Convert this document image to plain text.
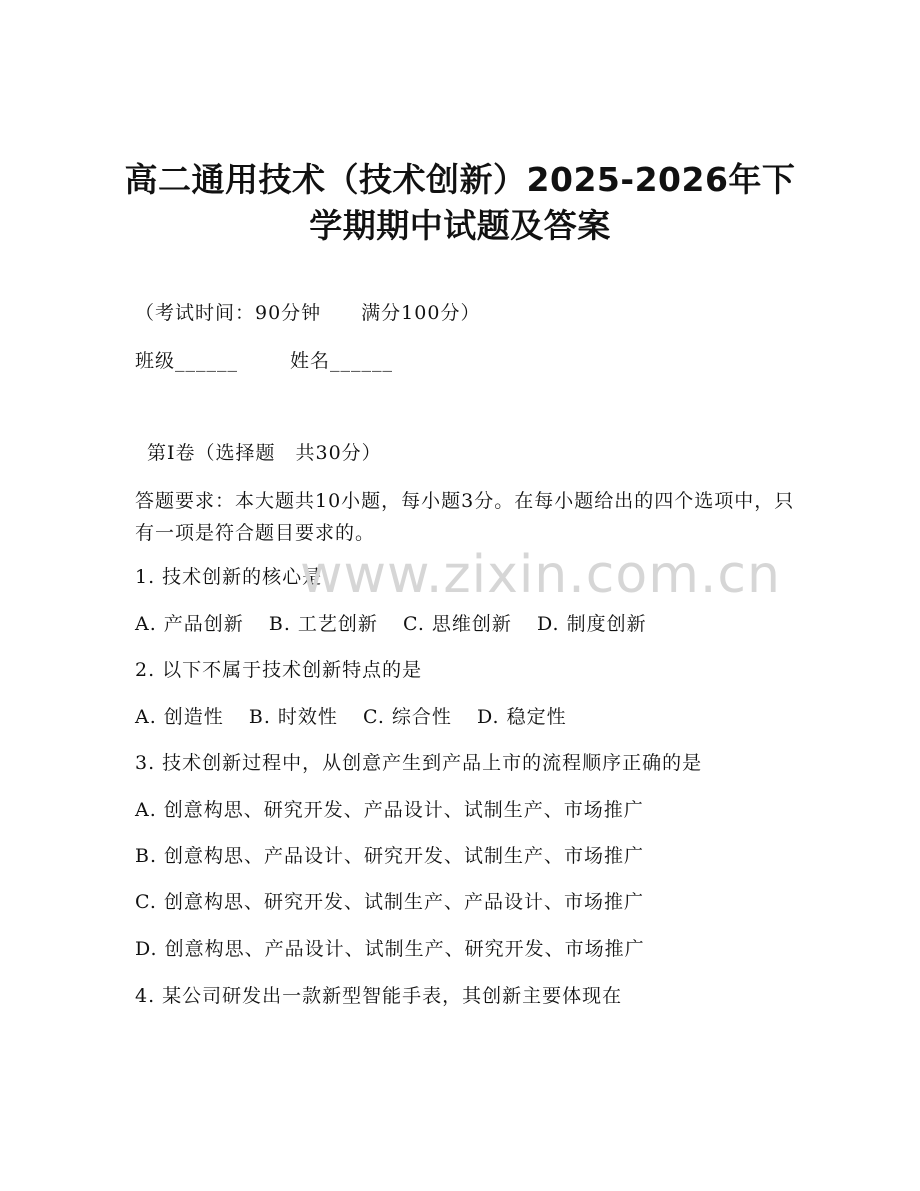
高二通用技术（技术创新）2025-2026年下
学期期中试题及答案
（考试时间：90分钟　　满分100分）
班级______	姓名______
第Ⅰ卷（选择题　共30分）
答题要求：本大题共10小题，每小题3分。在每小题给出的四个选项中，只有一项是符合题目要求的。
1. 技术创新的核心是
A. 产品创新 B. 工艺创新 C. 思维创新 D. 制度创新
2. 以下不属于技术创新特点的是
A. 创造性 B. 时效性 C. 综合性 D. 稳定性
3. 技术创新过程中，从创意产生到产品上市的流程顺序正确的是
A. 创意构思、研究开发、产品设计、试制生产、市场推广
B. 创意构思、产品设计、研究开发、试制生产、市场推广
C. 创意构思、研究开发、试制生产、产品设计、市场推广
D. 创意构思、产品设计、试制生产、研究开发、市场推广
4. 某公司研发出一款新型智能手表，其创新主要体现在
www.zixin.com.cn
